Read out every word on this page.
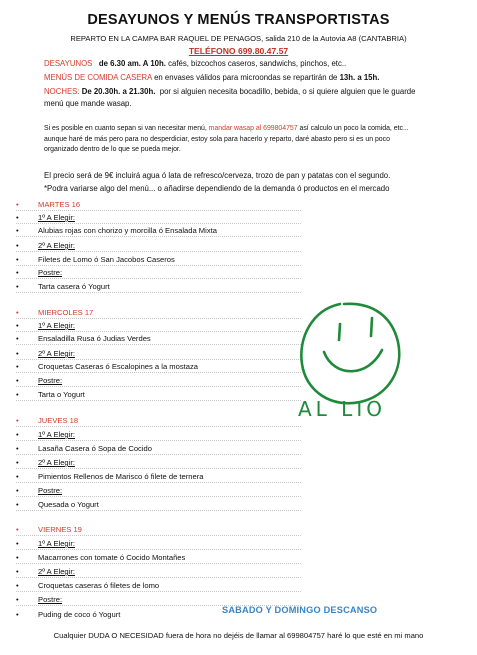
DESAYUNOS Y MENÚS TRANSPORTISTAS
REPARTO EN LA CAMPA BAR RAQUEL DE PENAGOS, salida 210 de la Autovia A8 (CANTABRIA)
TELÉFONO 699.80.47.57
DESAYUNOS de 6.30 am. A 10h. cafés, bizcochos caseros, sandwichs, pinchos, etc..
MENÚS DE COMIDA CASERA en envases válidos para microondas se repartirán de 13h. a 15h.
NOCHES: De 20.30h. a 21.30h. por si alguien necesita bocadillo, bebida, o si quiere alguien que le guarde
menú que mande wasap.
Si es posible en cuanto sepan si van necesitar menú, mandar wasap al 699804757 así calculo un poco la comida, etc...
aunque haré de más pero para no desperdiciar, estoy sola para hacerlo y reparto, daré abasto pero si es un poco
organizado dentro de lo que se pueda mejor.
El precio será de 9€ incluirá agua ó lata de refresco/cerveza, trozo de pan y patatas con el segundo.
*Podra variarse algo del menú... o añadirse dependiendo de la demanda ó productos en el mercado
•	MARTES 16
•	1º A Elegir:
•	Alubias rojas con chorizo y morcilla ó Ensalada Mixta
•	2º A Elegir:
•	Filetes de Lomo ó San Jacobos Caseros
•	Postre:
•	Tarta casera ó Yogurt
•	MIERCOLES 17
•	1º A Elegir:
•	Ensaladilla Rusa ó Judias Verdes
•	2º A Elegir:
•	Croquetas Caseras ó Escalopines a la mostaza
•	Postre:
•	Tarta o Yogurt
•	JUEVES 18
•	1º A Elegir:
•	Lasaña Casera ó Sopa de Cocido
•	2º A Elegir:
•	Pimientos Rellenos de Marisco ó filete de ternera
•	Postre:
•	Quesada o Yogurt
•	VIERNES 19
•	1º A Elegir:
•	Macarrones con tomate ó Cocido Montañes
•	2º A Elegir:
•	Croquetas caseras ó filetes de lomo
•	Postre:
•	Puding de coco ó Yogurt	SABADO Y DOMINGO DESCANSO
Cualquier DUDA O NECESIDAD fuera de hora no dejéis de llamar al 699804757 haré lo que esté en mi mano
AL LIO
